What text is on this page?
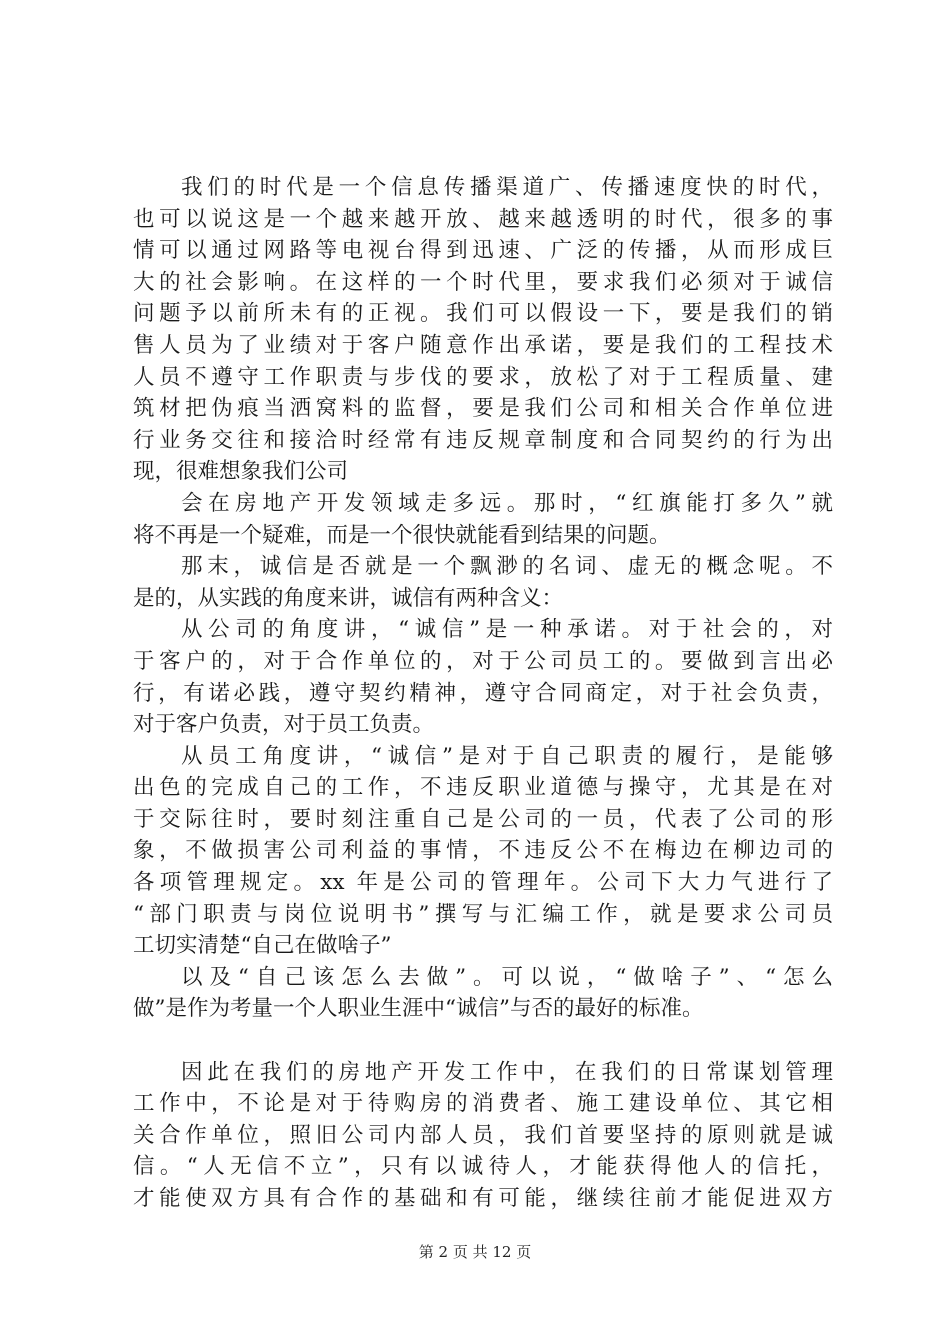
我们的时代是一个信息传播渠道广、传播速度快的时代，
也可以说这是一个越来越开放、越来越透明的时代，很多的事
情可以通过网路等电视台得到迅速、广泛的传播，从而形成巨
大的社会影响。在这样的一个时代里，要求我们必须对于诚信
问题予以前所未有的正视。我们可以假设一下，要是我们的销
售人员为了业绩对于客户随意作出承诺，要是我们的工程技术
人员不遵守工作职责与步伐的要求，放松了对于工程质量、建
筑材把伪痕当洒窝料的监督，要是我们公司和相关合作单位进
行业务交往和接洽时经常有违反规章制度和合同契约的行为出
现，很难想象我们公司
会在房地产开发领域走多远。那时，“红旗能打多久”就
将不再是一个疑难，而是一个很快就能看到结果的问题。
那末，诚信是否就是一个飘渺的名词、虚无的概念呢。不
是的，从实践的角度来讲，诚信有两种含义：
从公司的角度讲，“诚信”是一种承诺。对于社会的，对
于客户的，对于合作单位的，对于公司员工的。要做到言出必
行，有诺必践，遵守契约精神，遵守合同商定，对于社会负责，
对于客户负责，对于员工负责。
从员工角度讲，“诚信”是对于自己职责的履行，是能够
出色的完成自己的工作，不违反职业道德与操守，尤其是在对
于交际往时，要时刻注重自己是公司的一员，代表了公司的形
象，不做损害公司利益的事情，不违反公不在梅边在柳边司的
各项管理规定。xx 年是公司的管理年。公司下大力气进行了
“部门职责与岗位说明书”撰写与汇编工作，就是要求公司员
工切实清楚“自己在做啥子”
以及“自己该怎么去做”。可以说，“做啥子”、“怎么
做”是作为考量一个人职业生涯中“诚信”与否的最好的标准。
因此在我们的房地产开发工作中，在我们的日常谋划管理
工作中，不论是对于待购房的消费者、施工建设单位、其它相
关合作单位，照旧公司内部人员，我们首要坚持的原则就是诚
信。“人无信不立”，只有以诚待人，才能获得他人的信托，
才能使双方具有合作的基础和有可能，继续往前才能促进双方
第 2 页 共 12 页
